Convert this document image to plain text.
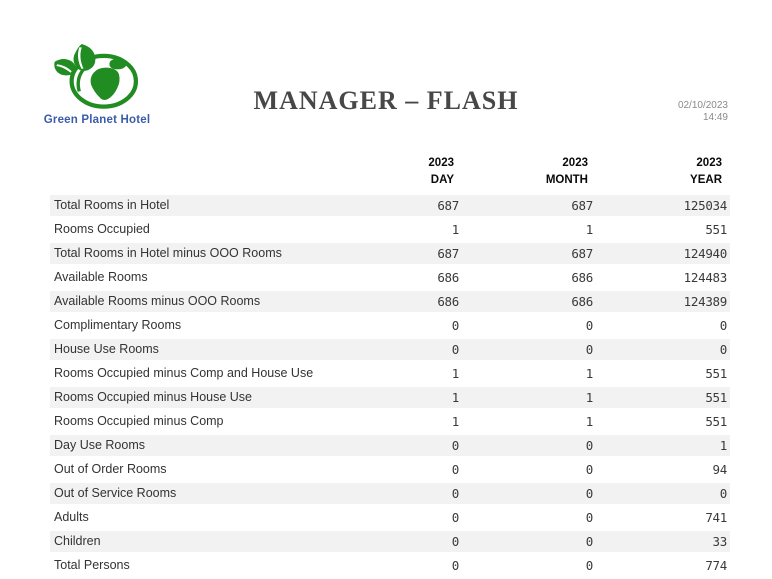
Green Planet Hotel
MANAGER – FLASH	02/10/2023
14:49

2023
DAY

2023
MONTH

2023
YEAR

Total Rooms in Hotel	687	687	125034
Rooms Occupied	1	1	551
Total Rooms in Hotel minus OOO Rooms	687	687	124940
Available Rooms	686	686	124483
Available Rooms minus OOO Rooms	686	686	124389
Complimentary Rooms	0	0	0
House Use Rooms	0	0	0
Rooms Occupied minus Comp and House Use	1	1	551
Rooms Occupied minus House Use	1	1	551
Rooms Occupied minus Comp	1	1	551
Day Use Rooms	0	0	1
Out of Order Rooms	0	0	94
Out of Service Rooms	0	0	0
Adults	0	0	741
Children	0	0	33
Total Persons	0	0	774
